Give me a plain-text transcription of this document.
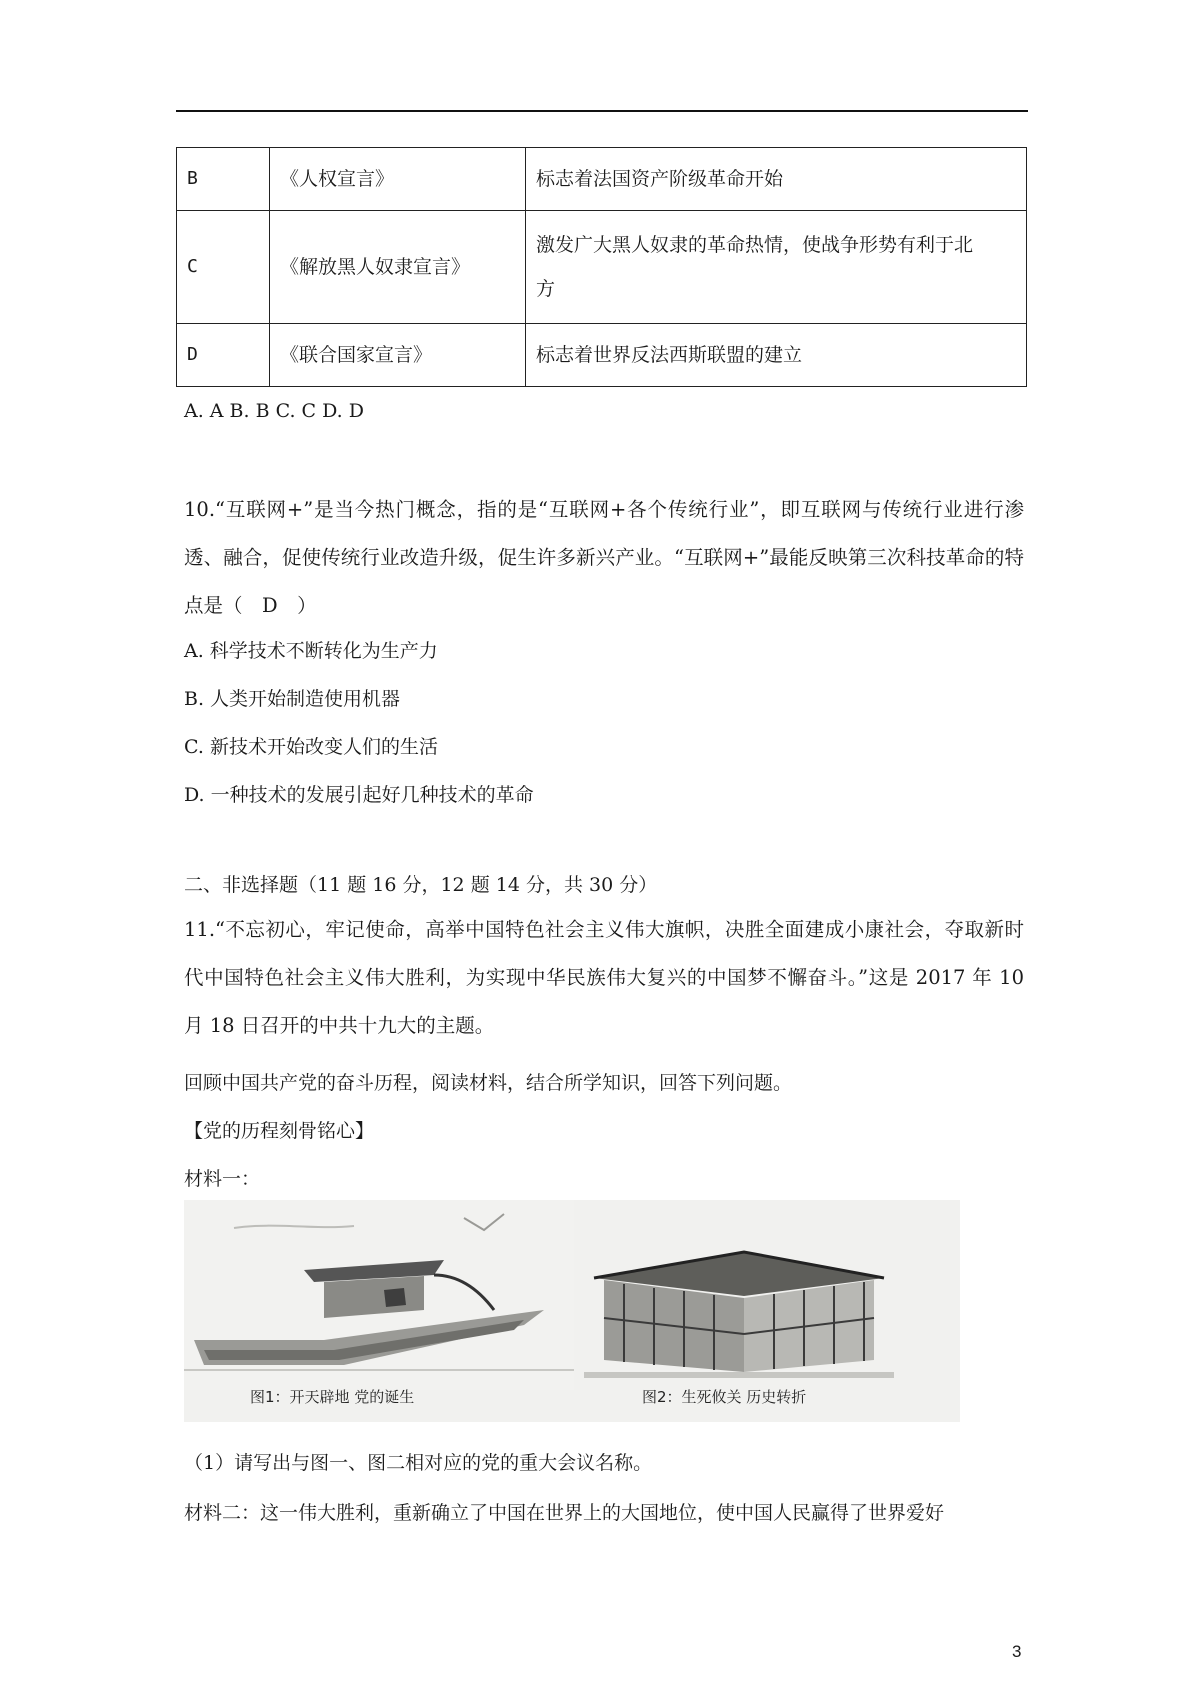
B	《人权宣言》	标志着法国资产阶级革命开始
C	《解放黑人奴隶宣言》	激发广大黑人奴隶的革命热情，使战争形势有利于北
方
D	《联合国家宣言》	标志着世界反法西斯联盟的建立
A. A B. B C. C D. D
10.“互联网+”是当今热门概念，指的是“互联网+各个传统行业”，即互联网与传统行业进行渗透、融合，促使传统行业改造升级，促生许多新兴产业。“互联网+”最能反映第三次科技革命的特点是（　D　）
A. 科学技术不断转化为生产力
B. 人类开始制造使用机器
C. 新技术开始改变人们的生活
D. 一种技术的发展引起好几种技术的革命
二、非选择题（11 题 16 分，12 题 14 分，共 30 分）
11.“不忘初心，牢记使命，高举中国特色社会主义伟大旗帜，决胜全面建成小康社会，夺取新时代中国特色社会主义伟大胜利，为实现中华民族伟大复兴的中国梦不懈奋斗。”这是 2017 年 10 月 18 日召开的中共十九大的主题。
回顾中国共产党的奋斗历程，阅读材料，结合所学知识，回答下列问题。
【党的历程刻骨铭心】
材料一：
图1：开天辟地 党的诞生	图2：生死攸关 历史转折
（1）请写出与图一、图二相对应的党的重大会议名称。
材料二：这一伟大胜利，重新确立了中国在世界上的大国地位，使中国人民赢得了世界爱好
3
